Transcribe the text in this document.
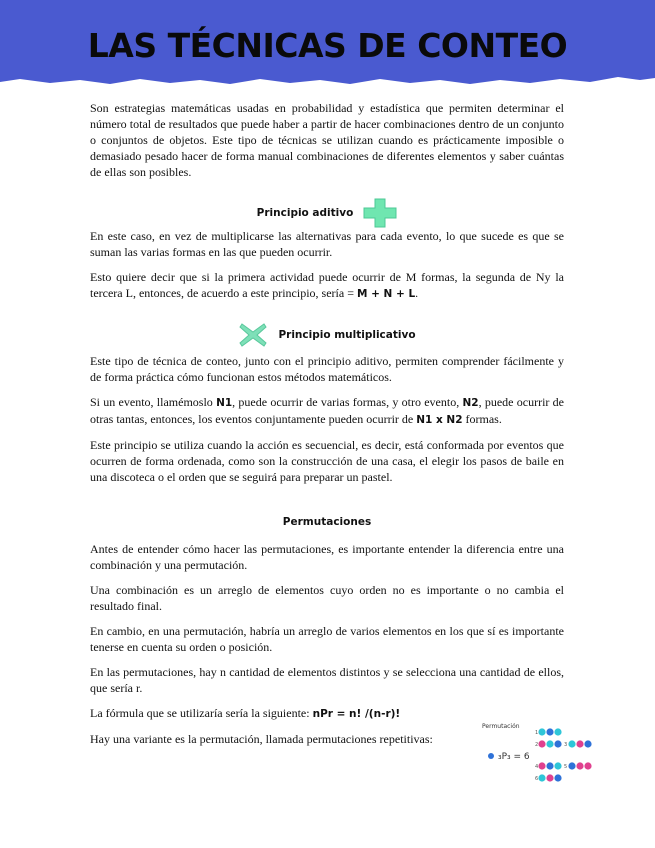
LAS TÉCNICAS DE CONTEO

Son estrategias matemáticas usadas en probabilidad y estadística que permiten determinar el número total de resultados que puede haber a partir de hacer combinaciones dentro de un conjunto o conjuntos de objetos. Este tipo de técnicas se utilizan cuando es prácticamente imposible o demasiado pesado hacer de forma manual combinaciones de diferentes elementos y saber cuántas de ellas son posibles.

Principio aditivo

En este caso, en vez de multiplicarse las alternativas para cada evento, lo que sucede es que se suman las varias formas en las que pueden ocurrir.

Esto quiere decir que si la primera actividad puede ocurrir de M formas, la segunda de Ny la tercera L, entonces, de acuerdo a este principio, sería = M + N + L.

Principio multiplicativo

Este tipo de técnica de conteo, junto con el principio aditivo, permiten comprender fácilmente y de forma práctica cómo funcionan estos métodos matemáticos.

Si un evento, llamémoslo N1, puede ocurrir de varias formas, y otro evento, N2, puede ocurrir de otras tantas, entonces, los eventos conjuntamente pueden ocurrir de N1 x N2 formas.

Este principio se utiliza cuando la acción es secuencial, es decir, está conformada por eventos que ocurren de forma ordenada, como son la construcción de una casa, el elegir los pasos de baile en una discoteca o el orden que se seguirá para preparar un pastel.

Permutaciones

Antes de entender cómo hacer las permutaciones, es importante entender la diferencia entre una combinación y una permutación.

Una combinación es un arreglo de elementos cuyo orden no es importante o no cambia el resultado final.

En cambio, en una permutación, habría un arreglo de varios elementos en los que sí es importante tenerse en cuenta su orden o posición.

En las permutaciones, hay n cantidad de elementos distintos y se selecciona una cantidad de ellos, que sería r.

La fórmula que se utilizaría sería la siguiente: nPr = n! /(n-r)!

Hay una variante es la permutación, llamada permutaciones repetitivas:

Permutación
₃P₃ = 6
1
2	3
4	5
6
